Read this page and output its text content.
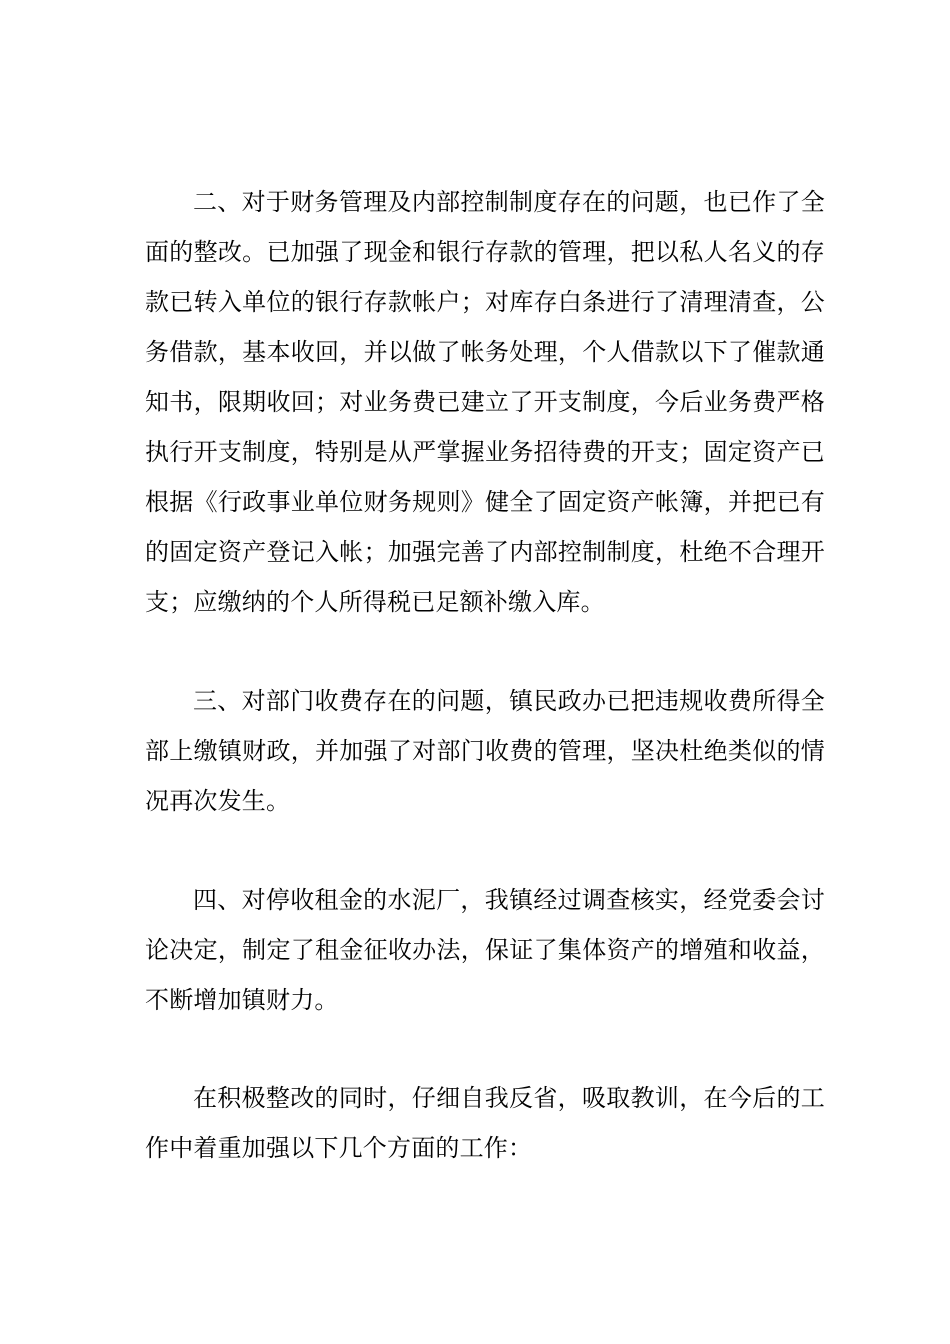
二、对于财务管理及内部控制制度存在的问题，也已作了全面的整改。已加强了现金和银行存款的管理，把以私人名义的存款已转入单位的银行存款帐户；对库存白条进行了清理清查，公务借款，基本收回，并以做了帐务处理，个人借款以下了催款通知书，限期收回；对业务费已建立了开支制度，今后业务费严格执行开支制度，特别是从严掌握业务招待费的开支；固定资产已根据《行政事业单位财务规则》健全了固定资产帐簿，并把已有的固定资产登记入帐；加强完善了内部控制制度，杜绝不合理开支；应缴纳的个人所得税已足额补缴入库。

三、对部门收费存在的问题，镇民政办已把违规收费所得全部上缴镇财政，并加强了对部门收费的管理，坚决杜绝类似的情况再次发生。

四、对停收租金的水泥厂，我镇经过调查核实，经党委会讨论决定，制定了租金征收办法，保证了集体资产的增殖和收益，不断增加镇财力。

在积极整改的同时，仔细自我反省，吸取教训，在今后的工作中着重加强以下几个方面的工作：
